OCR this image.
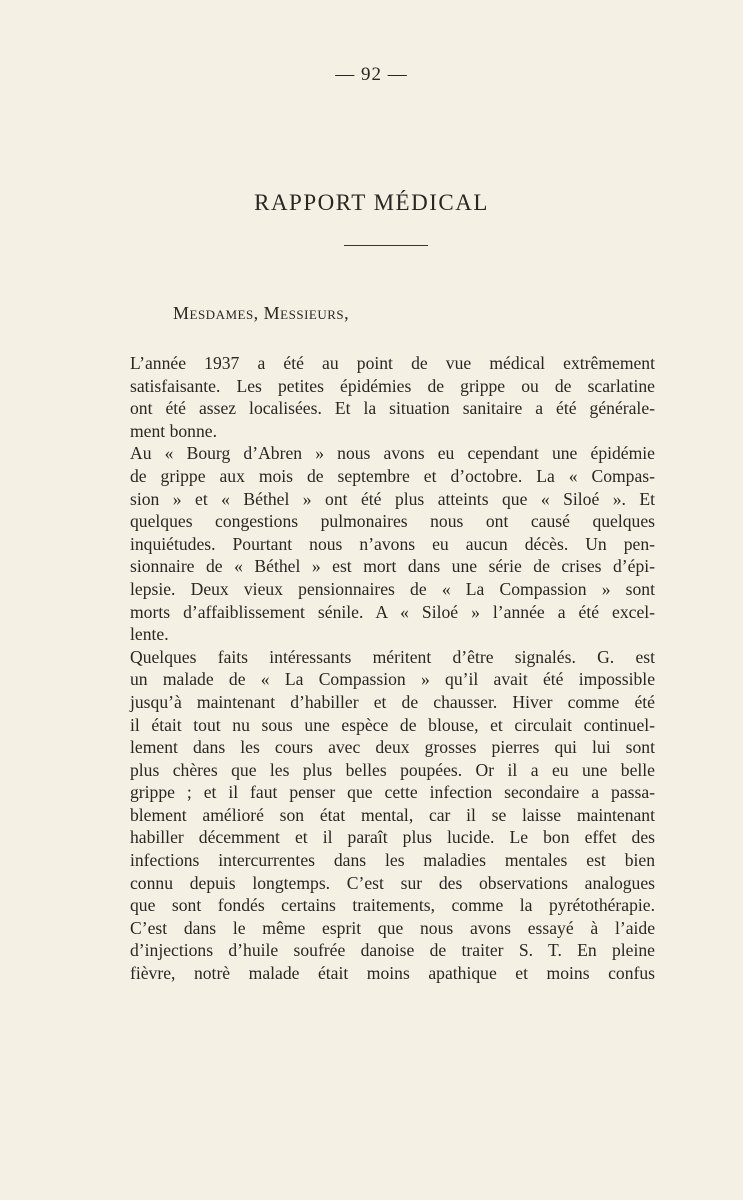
— 92 —
RAPPORT MÉDICAL
Mesdames, Messieurs,
L’année 1937 a été au point de vue médical extrêmement
satisfaisante. Les petites épidémies de grippe ou de scarlatine
ont été assez localisées. Et la situation sanitaire a été générale-
ment bonne.
Au « Bourg d’Abren » nous avons eu cependant une épidémie
de grippe aux mois de septembre et d’octobre. La « Compas-
sion » et « Béthel » ont été plus atteints que « Siloé ». Et
quelques congestions pulmonaires nous ont causé quelques
inquiétudes. Pourtant nous n’avons eu aucun décès. Un pen-
sionnaire de « Béthel » est mort dans une série de crises d’épi-
lepsie. Deux vieux pensionnaires de « La Compassion » sont
morts d’affaiblissement sénile. A « Siloé » l’année a été excel-
lente.
Quelques faits intéressants méritent d’être signalés. G. est
un malade de « La Compassion » qu’il avait été impossible
jusqu’à maintenant d’habiller et de chausser. Hiver comme été
il était tout nu sous une espèce de blouse, et circulait continuel-
lement dans les cours avec deux grosses pierres qui lui sont
plus chères que les plus belles poupées. Or il a eu une belle
grippe ; et il faut penser que cette infection secondaire a passa-
blement amélioré son état mental, car il se laisse maintenant
habiller décemment et il paraît plus lucide. Le bon effet des
infections intercurrentes dans les maladies mentales est bien
connu depuis longtemps. C’est sur des observations analogues
que sont fondés certains traitements, comme la pyrétothérapie.
C’est dans le même esprit que nous avons essayé à l’aide
d’injections d’huile soufrée danoise de traiter S. T. En pleine
fièvre, notrè malade était moins apathique et moins confus
